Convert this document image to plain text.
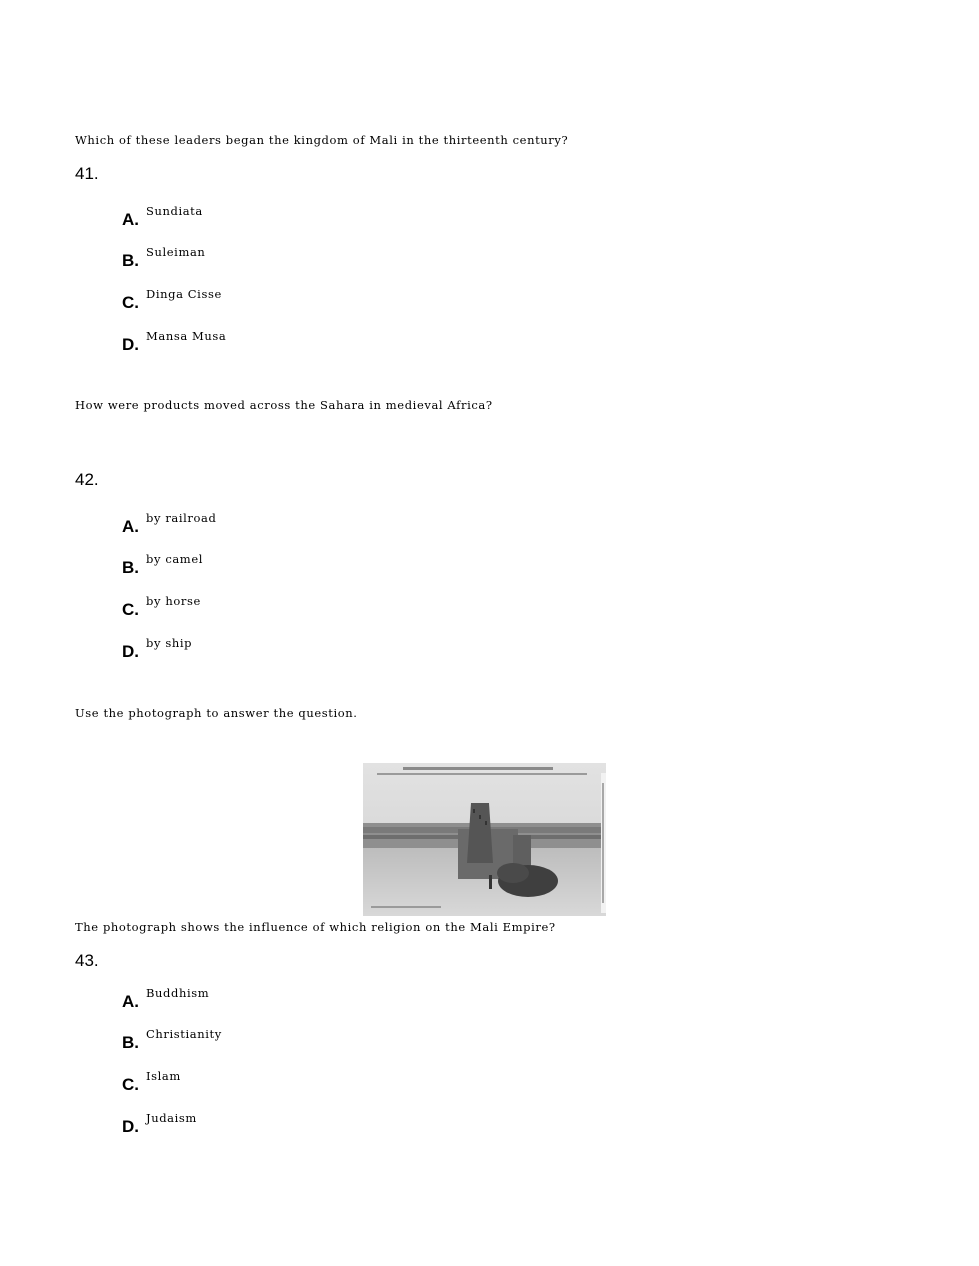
Which of these leaders began the kingdom of Mali in the thirteenth century?
41.
A. Sundiata
B. Suleiman
C. Dinga Cisse
D. Mansa Musa
How were products moved across the Sahara in medieval Africa?
42.
A. by railroad
B. by camel
C. by horse
D. by ship
Use the photograph to answer the question.
The photograph shows the influence of which religion on the Mali Empire?
43.
A. Buddhism
B. Christianity
C. Islam
D. Judaism
